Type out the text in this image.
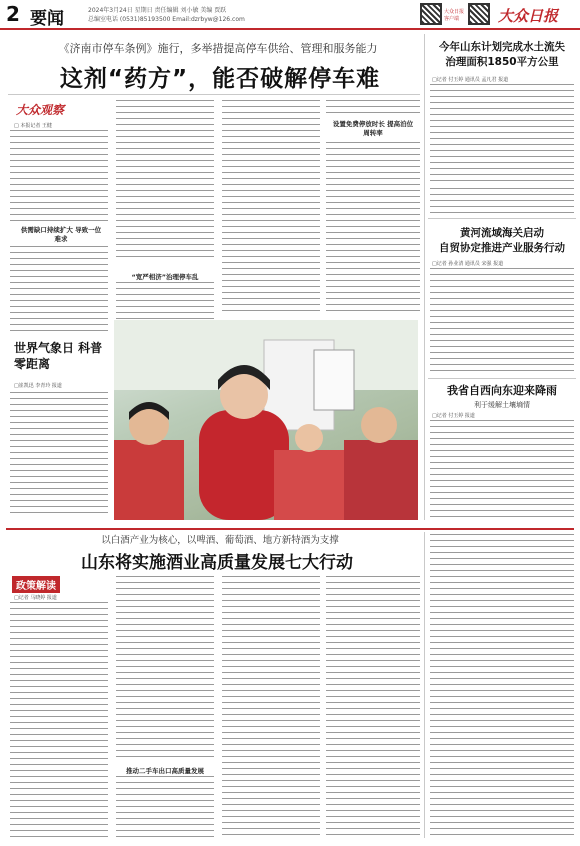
2 要闻	2024年3月24日 星期日 责任编辑 刘小敏 美编 贾跃
总编室电话 (0531)85193500 Email:dzrbyw@126.com
大众日报 客户端	大众日报
《济南市停车条例》施行，多举措提高停车供给、管理和服务能力
这剂“药方”，能否破解停车难
大众观察
□ 本报记者 王健
供需缺口持续扩大 导致一位难求
“宽严相济”治理停车乱
设置免费停放时长 提高泊位周转率
世界气象日 科普零距离
□崔凯迅 李青玲 报道
今年山东计划完成水土流失
治理面积1850平方公里
□记者 付玉婷 通讯员 孟凡君 报道
黄河流域海关启动
自贸协定推进产业服务行动
□记者 孙业清 通讯员 宋强 报道
我省自西向东迎来降雨
利于缓解土壤墒情
□记者 付玉婷 报道
以白酒产业为核心，以啤酒、葡萄酒、地方新特酒为支撑
山东将实施酒业高质量发展七大行动
政策解读
□记者 马晓婷 报道
推动二手车出口高质量发展
